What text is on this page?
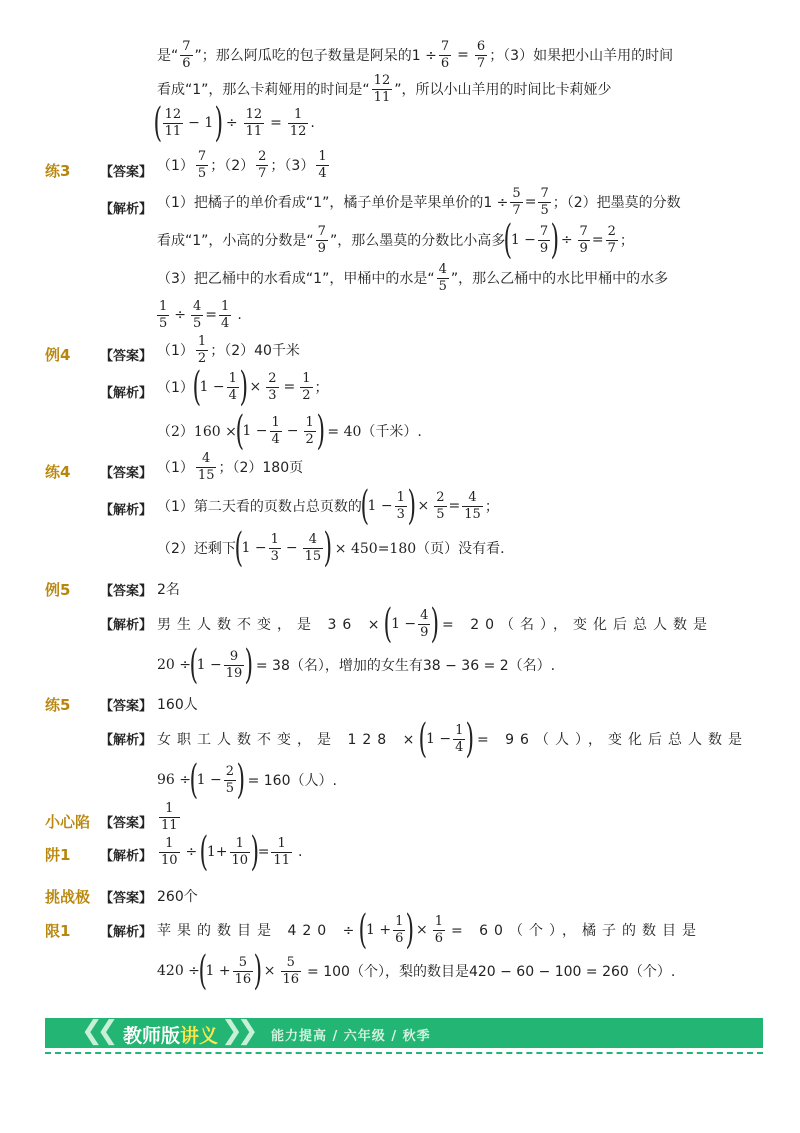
是“ $\frac{7}{6}$ ”；那么阿瓜吃的包子数量是阿呆的$1 \div \frac{7}{6} = \frac{6}{7}$ ；（3）如果把小山羊用的时间
看成“1”，那么卡莉娅用的时间是“ $\frac{12}{11}$ ”，所以小山羊用的时间比卡莉娅少
( $\frac{12}{11} - 1$ ) ÷ $\frac{12}{11} = \frac{1}{12}$ .
练3 【答案】 $(1) \frac{7}{5}$ ；$(2) \frac{2}{7}$ ；$(3) \frac{1}{4}$
【解析】 （1）把橘子的单价看成“1”，橘子单价是苹果单价的$1 \div \frac{5}{7} = \frac{7}{5}$ ；（2）把墨莫的分数
看成“1”，小高的分数是“ $\frac{7}{9}$ ”，那么墨莫的分数比小高多
(
$1 - \frac{7}{9}$ ) ÷ $\frac{7}{9} = \frac{2}{7}$ ；
（3）把乙桶中的水看成“1”，甲桶中的水是“ $\frac{4}{5}$ ”，那么乙桶中的水比甲桶中的水多
$\frac{1}{5} \div \frac{4}{5} = \frac{1}{4}$ .
例4 【答案】 $(1) \frac{1}{2}$ ；（2）40千米
【解析】 （1）
(
$1 - \frac{1}{4}$ ) × $\frac{2}{3} = \frac{1}{2}$ ；
（2）160 ×
(
$1 - \frac{1}{4} - \frac{1}{2}$ ) = 40（千米）.
练4 【答案】 $(1) \frac{4}{15}$ ；（2）180页
【解析】 （1）第二天看的页数占总页数的
(
$1 - \frac{1}{3}$ ) × $\frac{2}{5} = \frac{4}{15}$ ；
（2）还剩下
(
$1 - \frac{1}{3} - \frac{4}{15}$ ) × 450=180（页）没有看.
例5 【答案】 2名
【解析】 男生人数不变，是 36 ×
(
$1 - \frac{4}{9}$ ) = 20（名），变化后总人数是
20 ÷
(
$1 - \frac{9}{19}$ ) = 38（名），增加的女生有38 − 36 = 2（名）.
练5 【答案】 160人
【解析】 女职工人数不变，是 128 ×
(
$1 - \frac{1}{4}$ ) = 96（人），变化后总人数是
96 ÷
(
$1 - \frac{2}{5}$ ) = 160（人）.
小心陷 【答案】 $\frac{1}{11}$
阱1 【解析】 $\frac{1}{10}$ ÷ (
$1+ \frac{1}{10}$ )
= $\frac{1}{11}$ .
挑战极 【答案】 260个
限1 【解析】 苹果的数目是 420 ÷
(
$1 + \frac{1}{6}$ ) × $\frac{1}{6} = 60$（个），橘子的数目是
420 ÷
(
$1 + \frac{5}{16}$ ) × $\frac{5}{16} = 100$（个），梨的数目是420 − 60 − 100 = 260（个）.
❮❮ 教师版讲义 ❯❯ 能力提高 / 六年级 / 秋季
